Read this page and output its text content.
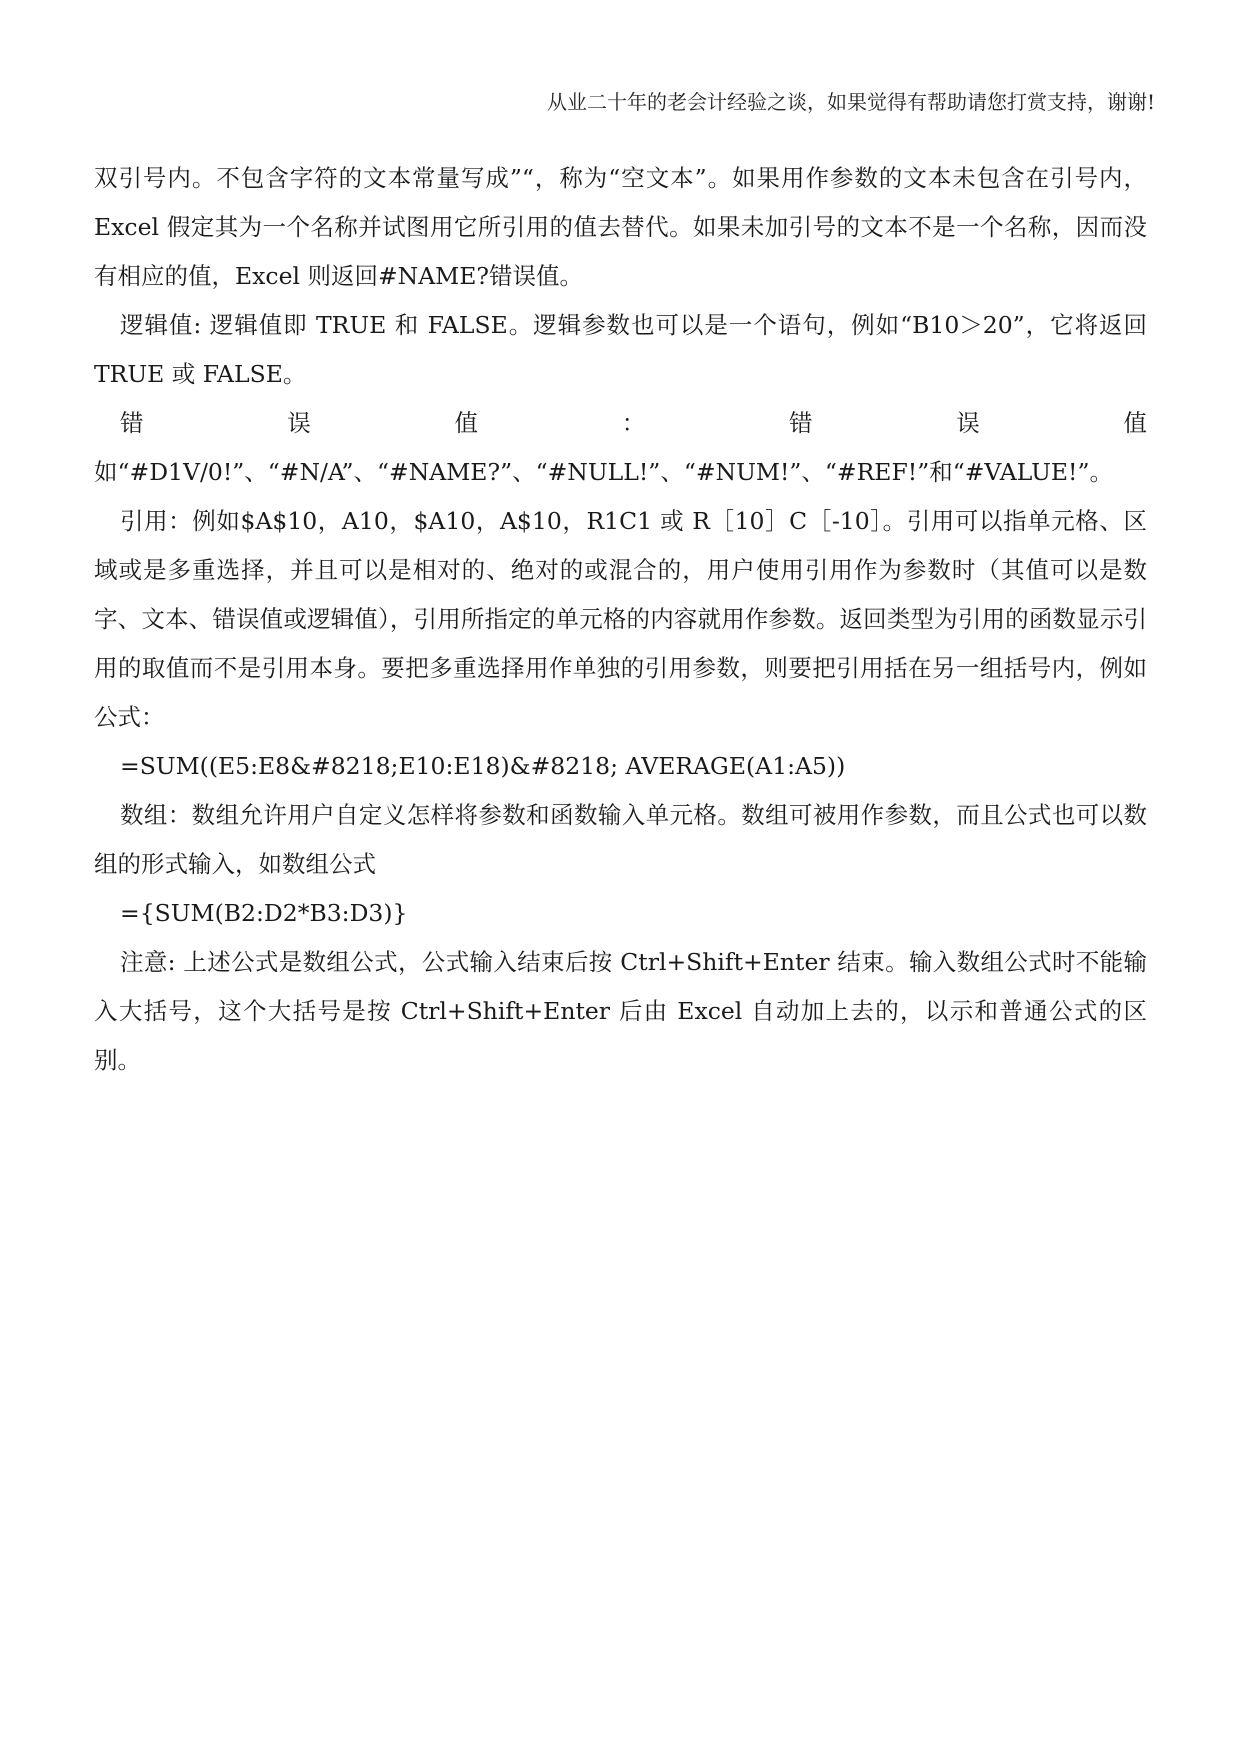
从业二十年的老会计经验之谈，如果觉得有帮助请您打赏支持，谢谢!

双引号内。不包含字符的文本常量写成”“，称为“空文本”。如果用作参数的文本未包含在引号内，Excel 假定其为一个名称并试图用它所引用的值去替代。如果未加引号的文本不是一个名称，因而没有相应的值，Excel 则返回#NAME?错误值。

逻辑值: 逻辑值即 TRUE 和 FALSE。逻辑参数也可以是一个语句，例如“B10＞20”，它将返回 TRUE 或 FALSE。

错误值：错误值如“#D1V/0!”、“#N/A”、“#NAME?”、“#NULL!”、“#NUM!”、“#REF!”和“#VALUE!”。

引用：例如$A$10，A10，$A10，A$10，R1C1 或 R［10］C［-10］。引用可以指单元格、区域或是多重选择，并且可以是相对的、绝对的或混合的，用户使用引用作为参数时（其值可以是数字、文本、错误值或逻辑值），引用所指定的单元格的内容就用作参数。返回类型为引用的函数显示引用的取值而不是引用本身。要把多重选择用作单独的引用参数，则要把引用括在另一组括号内，例如公式：

=SUM((E5:E8&#8218;E10:E18)&#8218; AVERAGE(A1:A5))

数组：数组允许用户自定义怎样将参数和函数输入单元格。数组可被用作参数，而且公式也可以数组的形式输入，如数组公式

={SUM(B2:D2*B3:D3)}

注意: 上述公式是数组公式，公式输入结束后按 Ctrl+Shift+Enter 结束。输入数组公式时不能输入大括号，这个大括号是按 Ctrl+Shift+Enter 后由 Excel 自动加上去的，以示和普通公式的区别。
